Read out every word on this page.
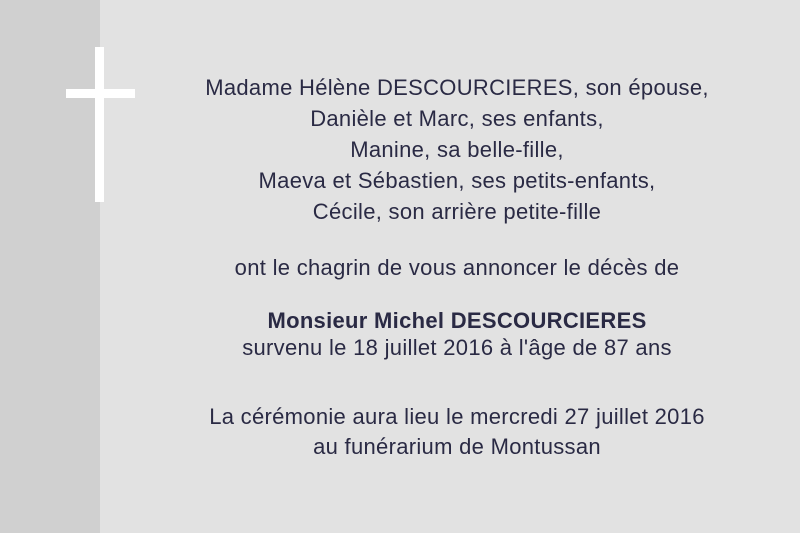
Madame Hélène DESCOURCIERES, son épouse,
Danièle et Marc, ses enfants,
Manine, sa belle-fille,
Maeva et Sébastien, ses petits-enfants,
Cécile, son arrière petite-fille
ont le chagrin de vous annoncer le décès de
Monsieur Michel DESCOURCIERES
survenu le 18 juillet 2016 à l'âge de 87 ans
La cérémonie aura lieu le mercredi 27 juillet 2016
au funérarium de Montussan
